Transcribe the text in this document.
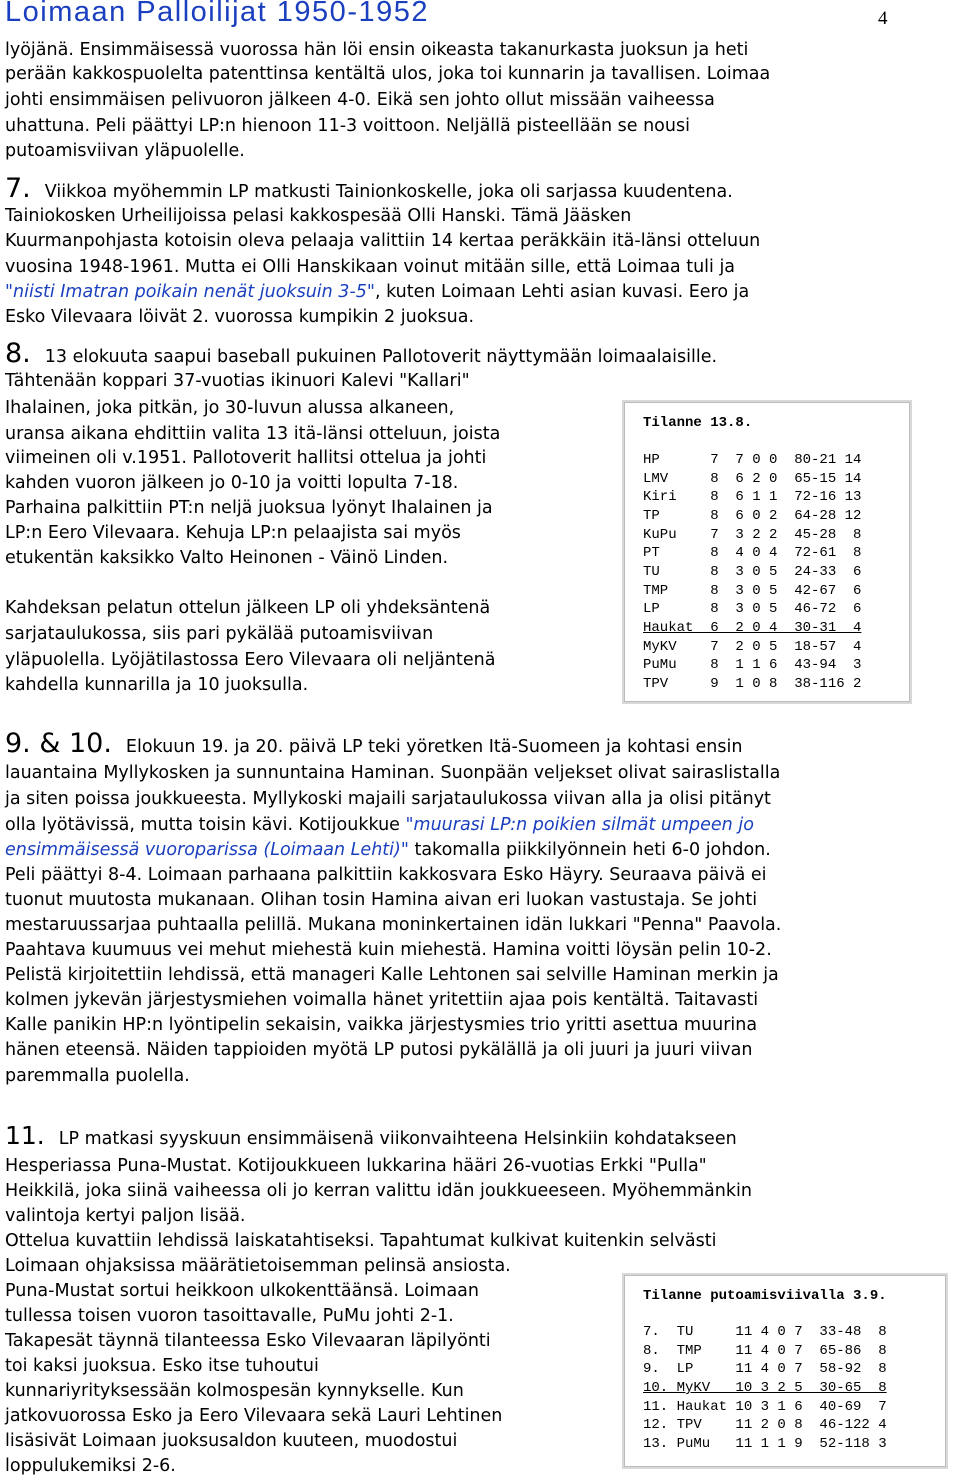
Loimaan Palloilijat 1950-1952	4
lyöjänä. Ensimmäisessä vuorossa hän löi ensin oikeasta takanurkasta juoksun ja heti
perään kakkospuolelta patenttinsa kentältä ulos, joka toi kunnarin ja tavallisen. Loimaa
johti ensimmäisen pelivuoron jälkeen 4-0. Eikä sen johto ollut missään vaiheessa
uhattuna. Peli päättyi LP:n hienoon 11-3 voittoon. Neljällä pisteellään se nousi
putoamisviivan yläpuolelle.
7. Viikkoa myöhemmin LP matkusti Tainionkoskelle, joka oli sarjassa kuudentena.
Tainiokosken Urheilijoissa pelasi kakkospesää Olli Hanski. Tämä Jääsken
Kuurmanpohjasta kotoisin oleva pelaaja valittiin 14 kertaa peräkkäin itä-länsi otteluun
vuosina 1948-1961. Mutta ei Olli Hanskikaan voinut mitään sille, että Loimaa tuli ja
"niisti Imatran poikain nenät juoksuin 3-5", kuten Loimaan Lehti asian kuvasi. Eero ja
Esko Vilevaara löivät 2. vuorossa kumpikin 2 juoksua.
8. 13 elokuuta saapui baseball pukuinen Pallotoverit näyttymään loimaalaisille.
Tähtenään koppari 37-vuotias ikinuori Kalevi "Kallari"
Ihalainen, joka pitkän, jo 30-luvun alussa alkaneen,
uransa aikana ehdittiin valita 13 itä-länsi otteluun, joista
viimeinen oli v.1951. Pallotoverit hallitsi ottelua ja johti
kahden vuoron jälkeen jo 0-10 ja voitti lopulta 7-18.
Parhaina palkittiin PT:n neljä juoksua lyönyt Ihalainen ja
LP:n Eero Vilevaara. Kehuja LP:n pelaajista sai myös
etukentän kaksikko Valto Heinonen - Väinö Linden.
Kahdeksan pelatun ottelun jälkeen LP oli yhdeksäntenä
sarjataulukossa, siis pari pykälää putoamisviivan
yläpuolella. Lyöjätilastossa Eero Vilevaara oli neljäntenä
kahdella kunnarilla ja 10 juoksulla.
Tilanne 13.8.
HP      7  7 0 0  80-21 14
LMV     8  6 2 0  65-15 14
Kiri    8  6 1 1  72-16 13
TP      8  6 0 2  64-28 12
KuPu    7  3 2 2  45-28  8
PT      8  4 0 4  72-61  8
TU      8  3 0 5  24-33  6
TMP     8  3 0 5  42-67  6
LP      8  3 0 5  46-72  6
Haukat  6  2 0 4  30-31  4
MyKV    7  2 0 5  18-57  4
PuMu    8  1 1 6  43-94  3
TPV     9  1 0 8  38-116 2
9. & 10. Elokuun 19. ja 20. päivä LP teki yöretken Itä-Suomeen ja kohtasi ensin
lauantaina Myllykosken ja sunnuntaina Haminan. Suonpään veljekset olivat sairaslistalla
ja siten poissa joukkueesta. Myllykoski majaili sarjataulukossa viivan alla ja olisi pitänyt
olla lyötävissä, mutta toisin kävi. Kotijoukkue "muurasi LP:n poikien silmät umpeen jo
ensimmäisessä vuoroparissa (Loimaan Lehti)" takomalla piikkilyönnein heti 6-0 johdon.
Peli päättyi 8-4. Loimaan parhaana palkittiin kakkosvara Esko Häyry. Seuraava päivä ei
tuonut muutosta mukanaan. Olihan tosin Hamina aivan eri luokan vastustaja. Se johti
mestaruussarjaa puhtaalla pelillä. Mukana moninkertainen idän lukkari "Penna" Paavola.
Paahtava kuumuus vei mehut miehestä kuin miehestä. Hamina voitti löysän pelin 10-2.
Pelistä kirjoitettiin lehdissä, että manageri Kalle Lehtonen sai selville Haminan merkin ja
kolmen jykevän järjestysmiehen voimalla hänet yritettiin ajaa pois kentältä. Taitavasti
Kalle panikin HP:n lyöntipelin sekaisin, vaikka järjestysmies trio yritti asettua muurina
hänen eteensä. Näiden tappioiden myötä LP putosi pykälällä ja oli juuri ja juuri viivan
paremmalla puolella.
11. LP matkasi syyskuun ensimmäisenä viikonvaihteena Helsinkiin kohdatakseen
Hesperiassa Puna-Mustat. Kotijoukkueen lukkarina hääri 26-vuotias Erkki "Pulla"
Heikkilä, joka siinä vaiheessa oli jo kerran valittu idän joukkueeseen. Myöhemmänkin
valintoja kertyi paljon lisää.
Ottelua kuvattiin lehdissä laiskatahtiseksi. Tapahtumat kulkivat kuitenkin selvästi
Loimaan ohjaksissa määrätietoisemman pelinsä ansiosta.
Puna-Mustat sortui heikkoon ulkokenttäänsä. Loimaan
tullessa toisen vuoron tasoittavalle, PuMu johti 2-1.
Takapesät täynnä tilanteessa Esko Vilevaaran läpilyönti
toi kaksi juoksua. Esko itse tuhoutui
kunnariyrityksessään kolmospesän kynnykselle. Kun
jatkovuorossa Esko ja Eero Vilevaara sekä Lauri Lehtinen
lisäsivät Loimaan juoksusaldon kuuteen, muodostui
loppulukemiksi 2-6.
Tilanne putoamisviivalla 3.9.
7.  TU     11 4 0 7  33-48  8
8.  TMP    11 4 0 7  65-86  8
9.  LP     11 4 0 7  58-92  8
10. MyKV   10 3 2 5  30-65  8
11. Haukat 10 3 1 6  40-69  7
12. TPV    11 2 0 8  46-122 4
13. PuMu   11 1 1 9  52-118 3
